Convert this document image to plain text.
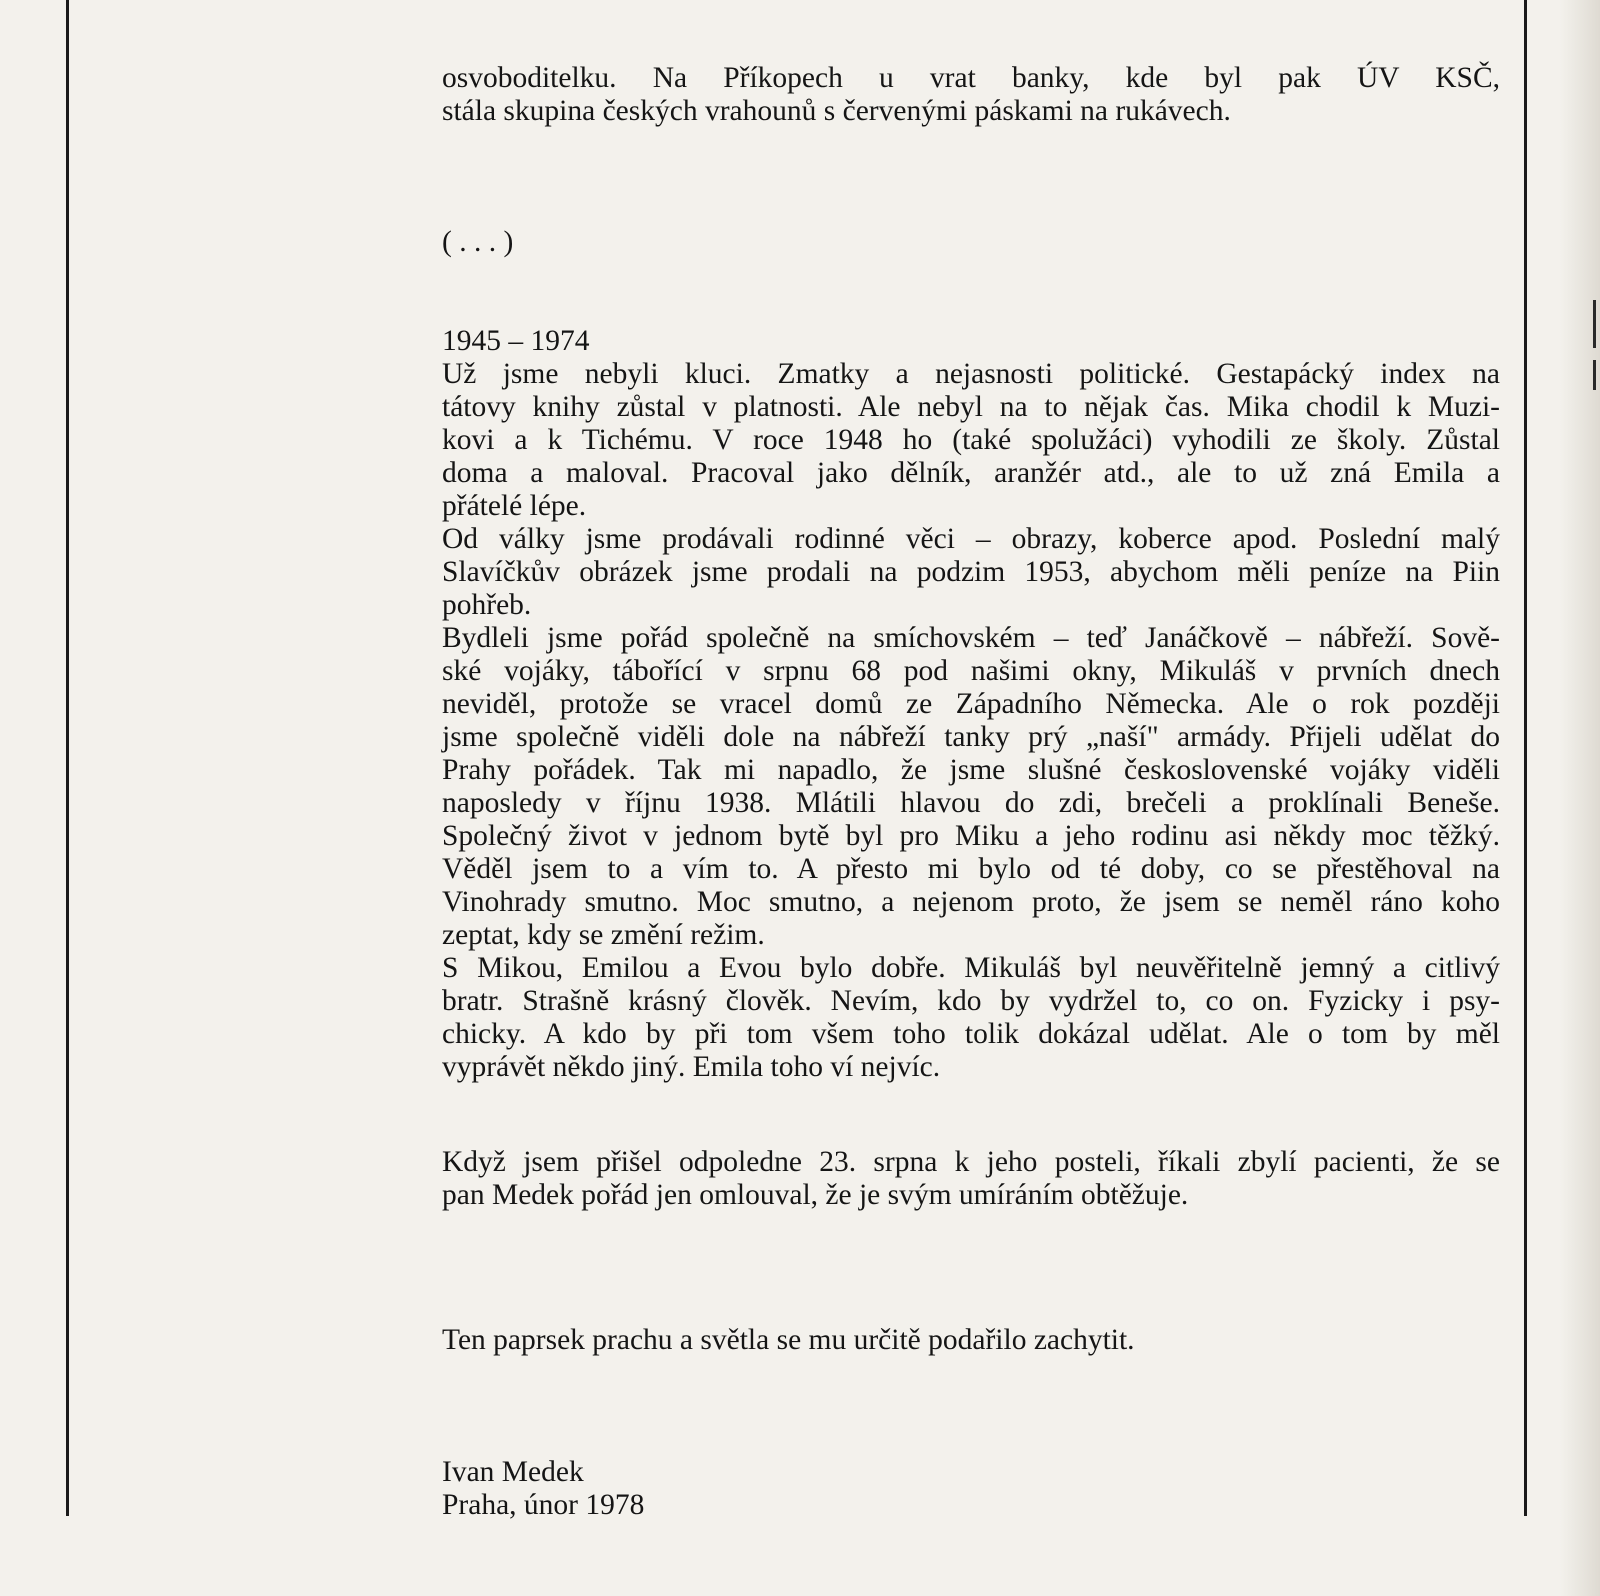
osvoboditelku. Na Příkopech u vrat banky, kde byl pak ÚV KSČ,
stála skupina českých vrahounů s červenými páskami na rukávech.
( . . . )
1945 – 1974
Už jsme nebyli kluci. Zmatky a nejasnosti politické. Gestapácký index na
tátovy knihy zůstal v platnosti. Ale nebyl na to nějak čas. Mika chodil k Muzi-
kovi a k Tichému. V roce 1948 ho (také spolužáci) vyhodili ze školy. Zůstal
doma a maloval. Pracoval jako dělník, aranžér atd., ale to už zná Emila a
přátelé lépe.
Od války jsme prodávali rodinné věci – obrazy, koberce apod. Poslední malý
Slavíčkův obrázek jsme prodali na podzim 1953, abychom měli peníze na Piin
pohřeb.
Bydleli jsme pořád společně na smíchovském – teď Janáčkově – nábřeží. Sově-
ské vojáky, tábořící v srpnu 68 pod našimi okny, Mikuláš v prvních dnech
neviděl, protože se vracel domů ze Západního Německa. Ale o rok později
jsme společně viděli dole na nábřeží tanky prý „naší" armády. Přijeli udělat do
Prahy pořádek. Tak mi napadlo, že jsme slušné československé vojáky viděli
naposledy v říjnu 1938. Mlátili hlavou do zdi, brečeli a proklínali Beneše.
Společný život v jednom bytě byl pro Miku a jeho rodinu asi někdy moc těžký.
Věděl jsem to a vím to. A přesto mi bylo od té doby, co se přestěhoval na
Vinohrady smutno. Moc smutno, a nejenom proto, že jsem se neměl ráno koho
zeptat, kdy se změní režim.
S Mikou, Emilou a Evou bylo dobře. Mikuláš byl neuvěřitelně jemný a citlivý
bratr. Strašně krásný člověk. Nevím, kdo by vydržel to, co on. Fyzicky i psy-
chicky. A kdo by při tom všem toho tolik dokázal udělat. Ale o tom by měl
vyprávět někdo jiný. Emila toho ví nejvíc.
Když jsem přišel odpoledne 23. srpna k jeho posteli, říkali zbylí pacienti, že se
pan Medek pořád jen omlouval, že je svým umíráním obtěžuje.
Ten paprsek prachu a světla se mu určitě podařilo zachytit.
Ivan Medek
Praha, únor 1978
